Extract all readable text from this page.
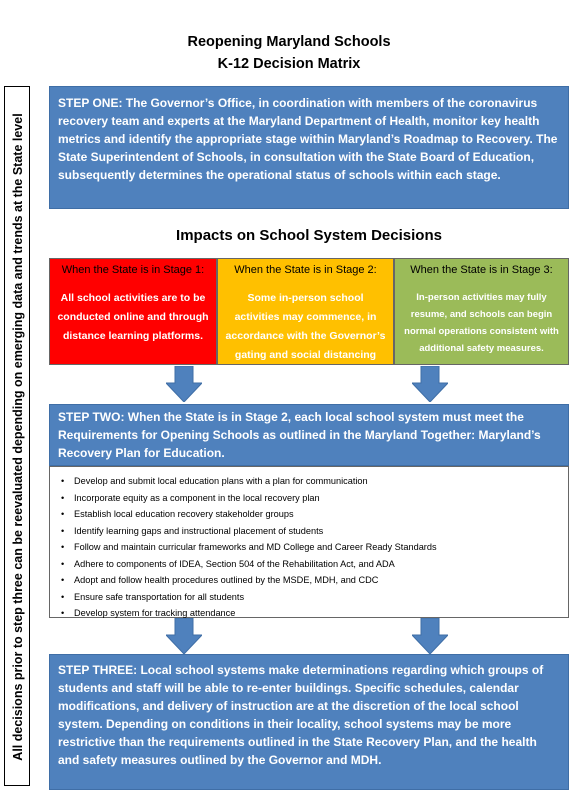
Reopening Maryland Schools
K-12 Decision Matrix
All decisions prior to step three can be reevaluated depending on emerging data and trends at the State level
STEP ONE: The Governor’s Office, in coordination with members of the coronavirus recovery team and experts at the Maryland Department of Health, monitor key health metrics and identify the appropriate stage within Maryland’s Roadmap to Recovery. The State Superintendent of Schools, in consultation with the State Board of Education, subsequently determines the operational status of schools within each stage.
Impacts on School System Decisions
When the State is in Stage 1:
All school activities are to be conducted online and through distance learning platforms.
When the State is in Stage 2:
Some in-person school activities may commence, in accordance with the Governor’s gating and social distancing measures.
When the State is in Stage 3:
In-person activities may fully resume, and schools can begin normal operations consistent with additional safety measures.
STEP TWO: When the State is in Stage 2, each local school system must meet the Requirements for Opening Schools as outlined in the Maryland Together: Maryland’s Recovery Plan for Education.
• Develop and submit local education plans with a plan for communication
• Incorporate equity as a component in the local recovery plan
• Establish local education recovery stakeholder groups
• Identify learning gaps and instructional placement of students
• Follow and maintain curricular frameworks and MD College and Career Ready Standards
• Adhere to components of IDEA, Section 504 of the Rehabilitation Act, and ADA
• Adopt and follow health procedures outlined by the MSDE, MDH, and CDC
• Ensure safe transportation for all students
• Develop system for tracking attendance
STEP THREE: Local school systems make determinations regarding which groups of students and staff will be able to re-enter buildings. Specific schedules, calendar modifications, and delivery of instruction are at the discretion of the local school system. Depending on conditions in their locality, school systems may be more restrictive than the requirements outlined in the State Recovery Plan, and the health and safety measures outlined by the Governor and MDH.
